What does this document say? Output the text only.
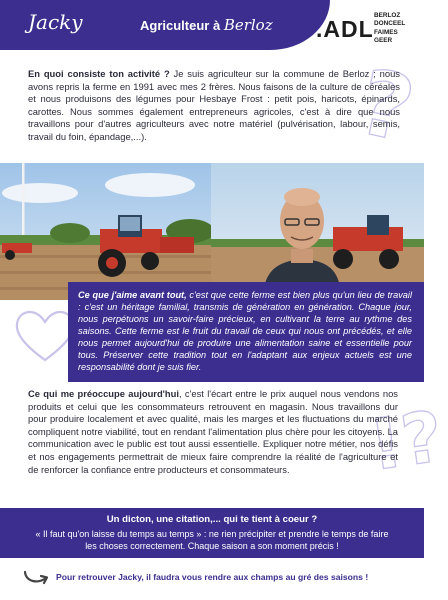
Jacky	Agriculteur à Berloz .ADL
BERLOZ
DONCEEL
FAIMES
GEER
?
!?

En quoi consiste ton activité ? Je suis agriculteur sur la commune de Berloz ; nous avons repris la ferme en 1991 avec mes 2 frères. Nous faisons de la culture de céréales et nous produisons des légumes pour Hesbaye Frost : petit pois, haricots, épinards, carottes. Nous sommes également entrepreneurs agricoles, c'est à dire que nous travaillons pour d'autres agriculteurs avec notre matériel (pulvérisation, labour, semis, travail du foin, épandage,...).

Ce que j'aime avant tout, c'est que cette ferme est bien plus qu'un lieu de travail : c'est un héritage familial, transmis de génération en génération. Chaque jour, nous perpétuons un savoir-faire précieux, en cultivant la terre au rythme des saisons. Cette ferme est le fruit du travail de ceux qui nous ont précédés, et elle nous permet aujourd'hui de produire une alimentation saine et essentielle pour tous. Préserver cette tradition tout en l'adaptant aux enjeux actuels est une responsabilité dont je suis fier.

Ce qui me préoccupe aujourd'hui, c'est l'écart entre le prix auquel nous vendons nos produits et celui que les consommateurs retrouvent en magasin. Nous travaillons dur pour produire localement et avec qualité, mais les marges et les fluctuations du marché compliquent notre viabilité, tout en rendant l'alimentation plus chère pour les citoyens. La communication avec le public est tout aussi essentielle. Expliquer notre métier, nos défis et nos engagements permettrait de mieux faire comprendre la réalité de l'agriculture et de renforcer la confiance entre producteurs et consommateurs.

Un dicton, une citation,... qui te tient à coeur ?
« Il faut qu'on laisse du temps au temps » : ne rien précipiter et prendre le temps de faire les choses correctement. Chaque saison a son moment précis !
Pour retrouver Jacky, il faudra vous rendre aux champs au gré des saisons !
